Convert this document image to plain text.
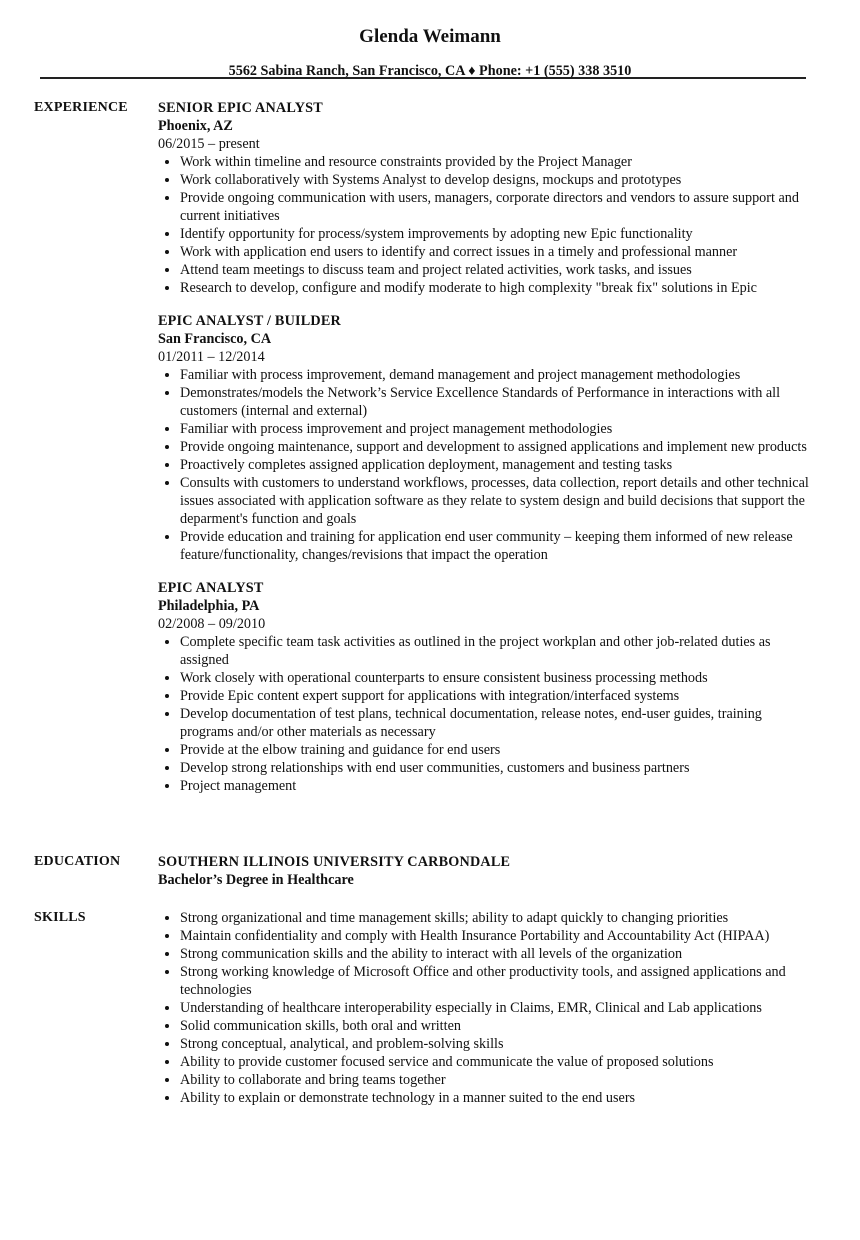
Glenda Weimann
5562 Sabina Ranch, San Francisco, CA ♦ Phone: +1 (555) 338 3510
EXPERIENCE SENIOR EPIC ANALYST
Phoenix, AZ
06/2015 – present
• Work within timeline and resource constraints provided by the Project Manager
• Work collaboratively with Systems Analyst to develop designs, mockups and prototypes
• Provide ongoing communication with users, managers, corporate directors and vendors to assure support and current initiatives
• Identify opportunity for process/system improvements by adopting new Epic functionality
• Work with application end users to identify and correct issues in a timely and professional manner
• Attend team meetings to discuss team and project related activities, work tasks, and issues
• Research to develop, configure and modify moderate to high complexity "break fix" solutions in Epic
EPIC ANALYST / BUILDER
San Francisco, CA
01/2011 – 12/2014
• Familiar with process improvement, demand management and project management methodologies
• Demonstrates/models the Network’s Service Excellence Standards of Performance in interactions with all customers (internal and external)
• Familiar with process improvement and project management methodologies
• Provide ongoing maintenance, support and development to assigned applications and implement new products
• Proactively completes assigned application deployment, management and testing tasks
• Consults with customers to understand workflows, processes, data collection, report details and other technical issues associated with application software as they relate to system design and build decisions that support the deparment's function and goals
• Provide education and training for application end user community – keeping them informed of new release feature/functionality, changes/revisions that impact the operation
EPIC ANALYST
Philadelphia, PA
02/2008 – 09/2010
• Complete specific team task activities as outlined in the project workplan and other job-related duties as assigned
• Work closely with operational counterparts to ensure consistent business processing methods
• Provide Epic content expert support for applications with integration/interfaced systems
• Develop documentation of test plans, technical documentation, release notes, end-user guides, training programs and/or other materials as necessary
• Provide at the elbow training and guidance for end users
• Develop strong relationships with end user communities, customers and business partners
• Project management
EDUCATION	SOUTHERN ILLINOIS UNIVERSITY CARBONDALE
Bachelor’s Degree in Healthcare
SKILLS
•	Strong organizational and time management skills; ability to adapt quickly to changing priorities
• Maintain confidentiality and comply with Health Insurance Portability and Accountability Act (HIPAA)
• Strong communication skills and the ability to interact with all levels of the organization
• Strong working knowledge of Microsoft Office and other productivity tools, and assigned applications and technologies
• Understanding of healthcare interoperability especially in Claims, EMR, Clinical and Lab applications
• Solid communication skills, both oral and written
• Strong conceptual, analytical, and problem-solving skills
• Ability to provide customer focused service and communicate the value of proposed solutions
• Ability to collaborate and bring teams together
• Ability to explain or demonstrate technology in a manner suited to the end users
